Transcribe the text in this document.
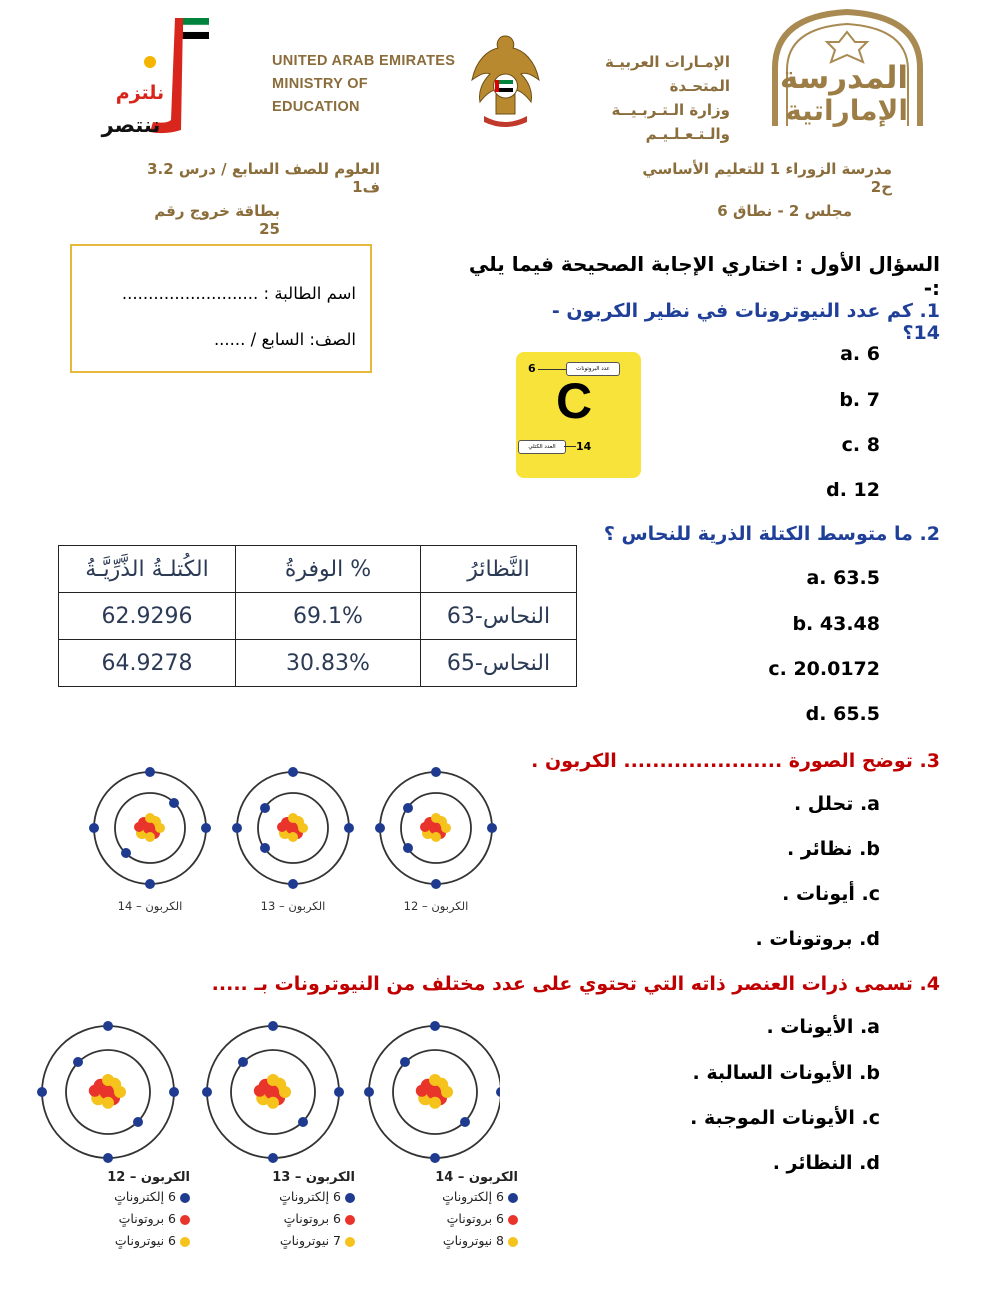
نلتزم
ننتصر
UNITED ARAB EMIRATES
MINISTRY OF EDUCATION
الإمـارات العربيـة المتحـدة
وزارة الـتـربـيــة والـتـعـلـيـم
المدرسة
الإماراتية
العلوم للصف السابع / درس 3.2 ف1
بطاقة خروج رقم 25
مدرسة الزوراء 1 للتعليم الأساسي ح2
مجلس 2 - نطاق 6
اسم الطالبة : ..........................
الصف: السابع / ......
السؤال الأول : اختاري الإجابة الصحيحة فيما يلي :-
1. كم عدد النيوترونات في نظير الكربون - 14؟
6 .a
7 .b
8 .c
12 .d
6	عدد البروتونات
C
العدد الكتلي	14
2. ما متوسط الكتلة الذرية للنحاس ؟
63.5 .a
43.48 .b
20.0172 .c
65.5 .d
النَّظائرُ	% الوفرةُ	الكُتلـةُ الذَّرِّيَّـةُ
النحاس-63	69.1%	62.9296
النحاس-65	30.83%	64.9278
3. توضح الصورة ...................... الكربون .
a. تحلل .
b. نظائر .
c. أيونات .
d. بروتونات .
الكربون – 14	الكربون – 13	الكربون – 12
4. تسمى ذرات العنصر ذاته التي تحتوي على عدد مختلف من النيوترونات بـ .....
a. الأيونات .
b. الأيونات السالبة .
c. الأيونات الموجبة .
d. النظائر .
الكربون – 12
6 إلكتروناتٍ
6 بروتوناتٍ
6 نيوتروناتٍ
الكربون – 13
6 إلكتروناتٍ
6 بروتوناتٍ
7 نيوتروناتٍ
الكربون – 14
6 إلكتروناتٍ
6 بروتوناتٍ
8 نيوتروناتٍ
